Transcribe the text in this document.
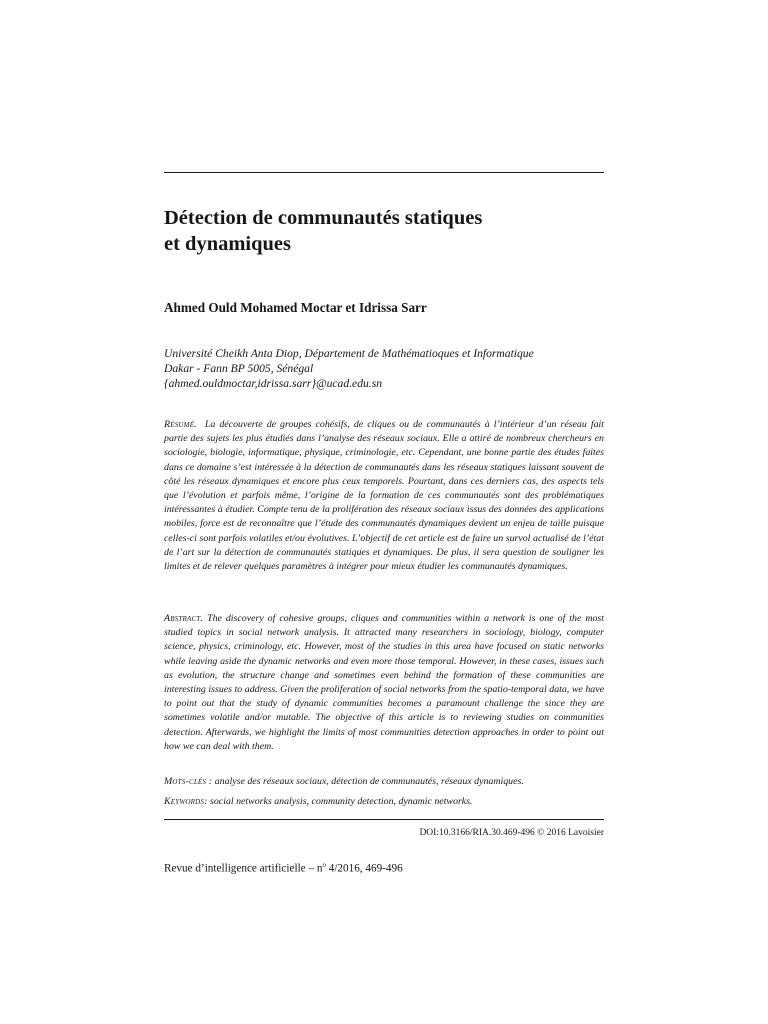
Détection de communautés statiques
et dynamiques

Ahmed Ould Mohamed Moctar et Idrissa Sarr

Université Cheikh Anta Diop, Département de Mathématioques et Informatique
Dakar - Fann BP 5005, Sénégal
{ahmed.ouldmoctar,idrissa.sarr}@ucad.edu.sn

Résumé. La découverte de groupes cohésifs, de cliques ou de communautés à l’intérieur d’un réseau fait partie des sujets les plus étudiés dans l’analyse des réseaux sociaux. Elle a attiré de nombreux chercheurs en sociologie, biologie, informatique, physique, criminologie, etc. Cependant, une bonne partie des études faites dans ce domaine s’est intéressée à la détection de communautés dans les réseaux statiques laissant souvent de côté les réseaux dynamiques et encore plus ceux temporels. Pourtant, dans ces derniers cas, des aspects tels que l’évolution et parfois même, l’origine de la formation de ces communautés sont des problématiques intéressantes à étudier. Compte tenu de la prolifération des réseaux sociaux issus des données des applications mobiles, force est de reconnaître que l’étude des communautés dynamiques devient un enjeu de taille puisque celles-ci sont parfois volatiles et/ou évolutives. L’objectif de cet article est de faire un survol actualisé de l’état de l’art sur la détection de communautés statiques et dynamiques. De plus, il sera question de souligner les limites et de relever quelques paramètres à intégrer pour mieux étudier les communautés dynamiques.

Abstract. The discovery of cohesive groups, cliques and communities within a network is one of the most studied topics in social network analysis. It attracted many researchers in sociology, biology, computer science, physics, criminology, etc. However, most of the studies in this area have focused on static networks while leaving aside the dynamic networks and even more those temporal. However, in these cases, issues such as evolution, the structure change and sometimes even behind the formation of these communities are interesting issues to address. Given the proliferation of social networks from the spatio-temporal data, we have to point out that the study of dynamic communities becomes a paramount challenge the since they are sometimes volatile and/or mutable. The objective of this article is to reviewing studies on communities detection. Afterwards, we highlight the limits of most communities detection approaches in order to point out how we can deal with them.

Mots-clés : analyse des réseaux sociaux, détection de communautés, réseaux dynamiques.

Keywords: social networks analysis, community detection, dynamic networks.

DOI:10.3166/RIA.30.469-496 © 2016 Lavoisier
Revue d’intelligence artificielle – $n^o$ 4/2016, 469-496
